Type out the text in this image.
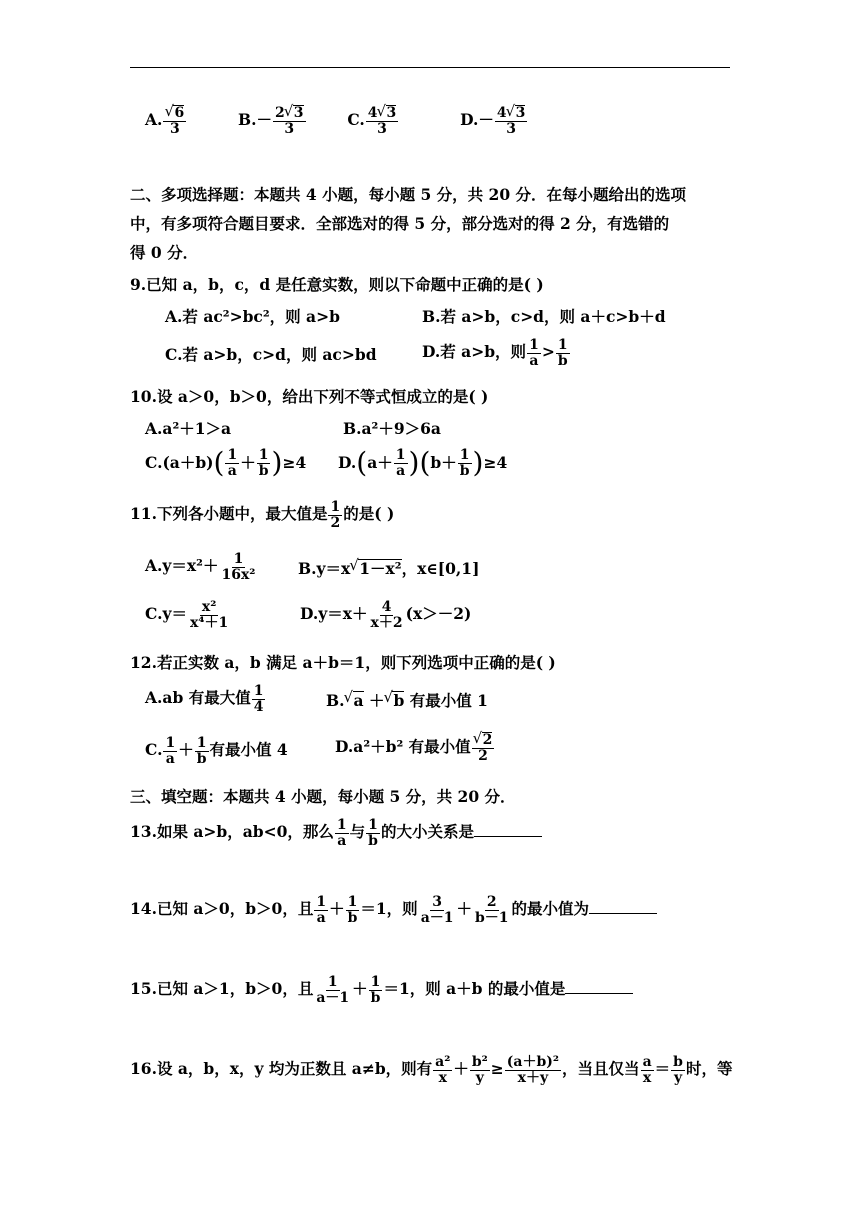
A. √ $\frac{6}{3}$	$B.- \frac{2 √ 3}{3}$	C. $\frac{4 √ 3}{3}$	$D.- \frac{4 √ 3}{3}$
二、多项选择题：本题共 4 小题，每小题 5 分，共 20 分．在每小题给出的选项
中，有多项符合题目要求．全部选对的得 5 分，部分选对的得 2 分，有选错的
得 0 分．
9.已知 a，b，c，d 是任意实数，则以下命题中正确的是( )
A.若 ac²>bc²，则 a>b	B.若 a>b，c>d，则 a＋c>b＋d
C.若 a>b，c>d，则 ac>bd	D.若 a>b，则 $\frac{1}{a} > \frac{1}{b}$
10.设 a＞0，b＞0，给出下列不等式恒成立的是( )
A.a²＋1＞a	B.a²＋9＞6a
C.(a＋b) ( $\frac{1}{a} + \frac{1}{b}$ ) ≥4 D. ( $a+ \frac{1}{a}$ )( $b+ \frac{1}{b}$ ) ≥4
11.下列各小题中，最大值是 $\frac{1}{2}$ 的是( )
$A.y=x^2+ \frac{1}{\text{16x²}}$	B.y＝x √ 1－x²，x∈[0,1]
$C.y= \frac{\text{x²}}{\text{x⁴＋1}}$	$D.y=x+ \frac{4}{x+2} (x>-2)$
12.若正实数 a，b 满足 a＋b＝1，则下列选项中正确的是( )
A.ab 有最大值 $\frac{1}{4}$	B. √ a ＋ √ b 有最小值 1
C. $\frac{1}{a} + \frac{1}{b}$ 有最小值 4	D.a²＋b² 有最小值 √ $\frac{2}{2}$
三、填空题：本题共 4 小题，每小题 5 分，共 20 分．
13.如果 a>b，ab<0，那么 $\frac{1}{a}$ 与 $\frac{1}{b}$ 的大小关系是
14.已知 a＞0，b＞0，且 $\frac{1}{a} + \frac{1}{b} =1$，则 $\frac{3}{a-1} + \frac{2}{b-1}$ 的最小值为
15.已知 a＞1，b＞0，且 $\frac{1}{a-1} + \frac{1}{b} =1$，则 a＋b 的最小值是
16.设 a，b，x，y 均为正数且 a≠b，则有 $\frac{\text{a²}}{x} + \frac{\text{b²}}{y} \ge \frac{\text{(a＋b)²}}{x+y}$ ，当且仅当 $\frac{a}{x} = \frac{b}{y}$ 时，等
